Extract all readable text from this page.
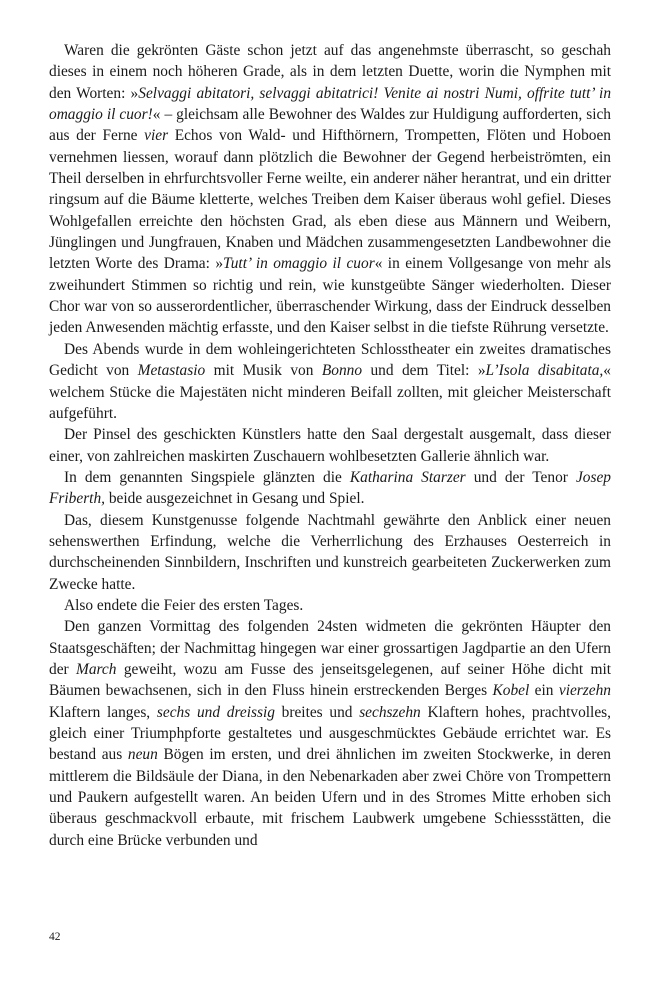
Waren die gekrönten Gäste schon jetzt auf das angenehmste überrascht, so geschah dieses in einem noch höheren Grade, als in dem letzten Duette, worin die Nymphen mit den Worten: »Selvaggi abitatori, selvaggi abitatrici! Venite ai nostri Numi, offrite tutt’ in omaggio il cuor!« – gleichsam alle Bewohner des Waldes zur Huldigung aufforderten, sich aus der Ferne vier Echos von Wald- und Hifthörnern, Trompetten, Flöten und Hoboen vernehmen liessen, worauf dann plötzlich die Bewohner der Gegend herbeiströmten, ein Theil derselben in ehrfurchtsvoller Ferne weilte, ein anderer näher herantrat, und ein dritter ringsum auf die Bäume kletterte, welches Treiben dem Kaiser überaus wohl gefiel. Dieses Wohlgefallen erreichte den höchsten Grad, als eben diese aus Männern und Weibern, Jünglingen und Jungfrauen, Knaben und Mädchen zusammengesetzten Landbewohner die letzten Worte des Drama: »Tutt’ in omaggio il cuor« in einem Vollgesange von mehr als zweihundert Stimmen so richtig und rein, wie kunstgeübte Sänger wiederholten. Dieser Chor war von so ausserordentlicher, überraschender Wirkung, dass der Eindruck desselben jeden Anwesenden mächtig erfasste, und den Kaiser selbst in die tiefste Rührung versetzte.

Des Abends wurde in dem wohleingerichteten Schlosstheater ein zweites dramatisches Gedicht von Metastasio mit Musik von Bonno und dem Titel: »L’Isola disabitata,« welchem Stücke die Majestäten nicht minderen Beifall zollten, mit gleicher Meisterschaft aufgeführt.

Der Pinsel des geschickten Künstlers hatte den Saal dergestalt ausgemalt, dass dieser einer, von zahlreichen maskirten Zuschauern wohlbesetzten Gallerie ähnlich war.

In dem genannten Singspiele glänzten die Katharina Starzer und der Tenor Josep Friberth, beide ausgezeichnet in Gesang und Spiel.

Das, diesem Kunstgenusse folgende Nachtmahl gewährte den Anblick einer neuen sehenswerthen Erfindung, welche die Verherrlichung des Erzhauses Oesterreich in durchscheinenden Sinnbildern, Inschriften und kunstreich gearbeiteten Zuckerwerken zum Zwecke hatte.

Also endete die Feier des ersten Tages.

Den ganzen Vormittag des folgenden 24sten widmeten die gekrönten Häupter den Staatsgeschäften; der Nachmittag hingegen war einer grossartigen Jagdpartie an den Ufern der March geweiht, wozu am Fusse des jenseitsgelegenen, auf seiner Höhe dicht mit Bäumen bewachsenen, sich in den Fluss hinein erstreckenden Berges Kobel ein vierzehn Klaftern langes, sechs und dreissig breites und sechszehn Klaftern hohes, prachtvolles, gleich einer Triumphpforte gestaltetes und ausgeschmücktes Gebäude errichtet war. Es bestand aus neun Bögen im ersten, und drei ähnlichen im zweiten Stockwerke, in deren mittlerem die Bildsäule der Diana, in den Nebenarkaden aber zwei Chöre von Trompettern und Paukern aufgestellt waren. An beiden Ufern und in des Stromes Mitte erhoben sich überaus geschmackvoll erbaute, mit frischem Laubwerk umgebene Schiessstätten, die durch eine Brücke verbunden und

42
